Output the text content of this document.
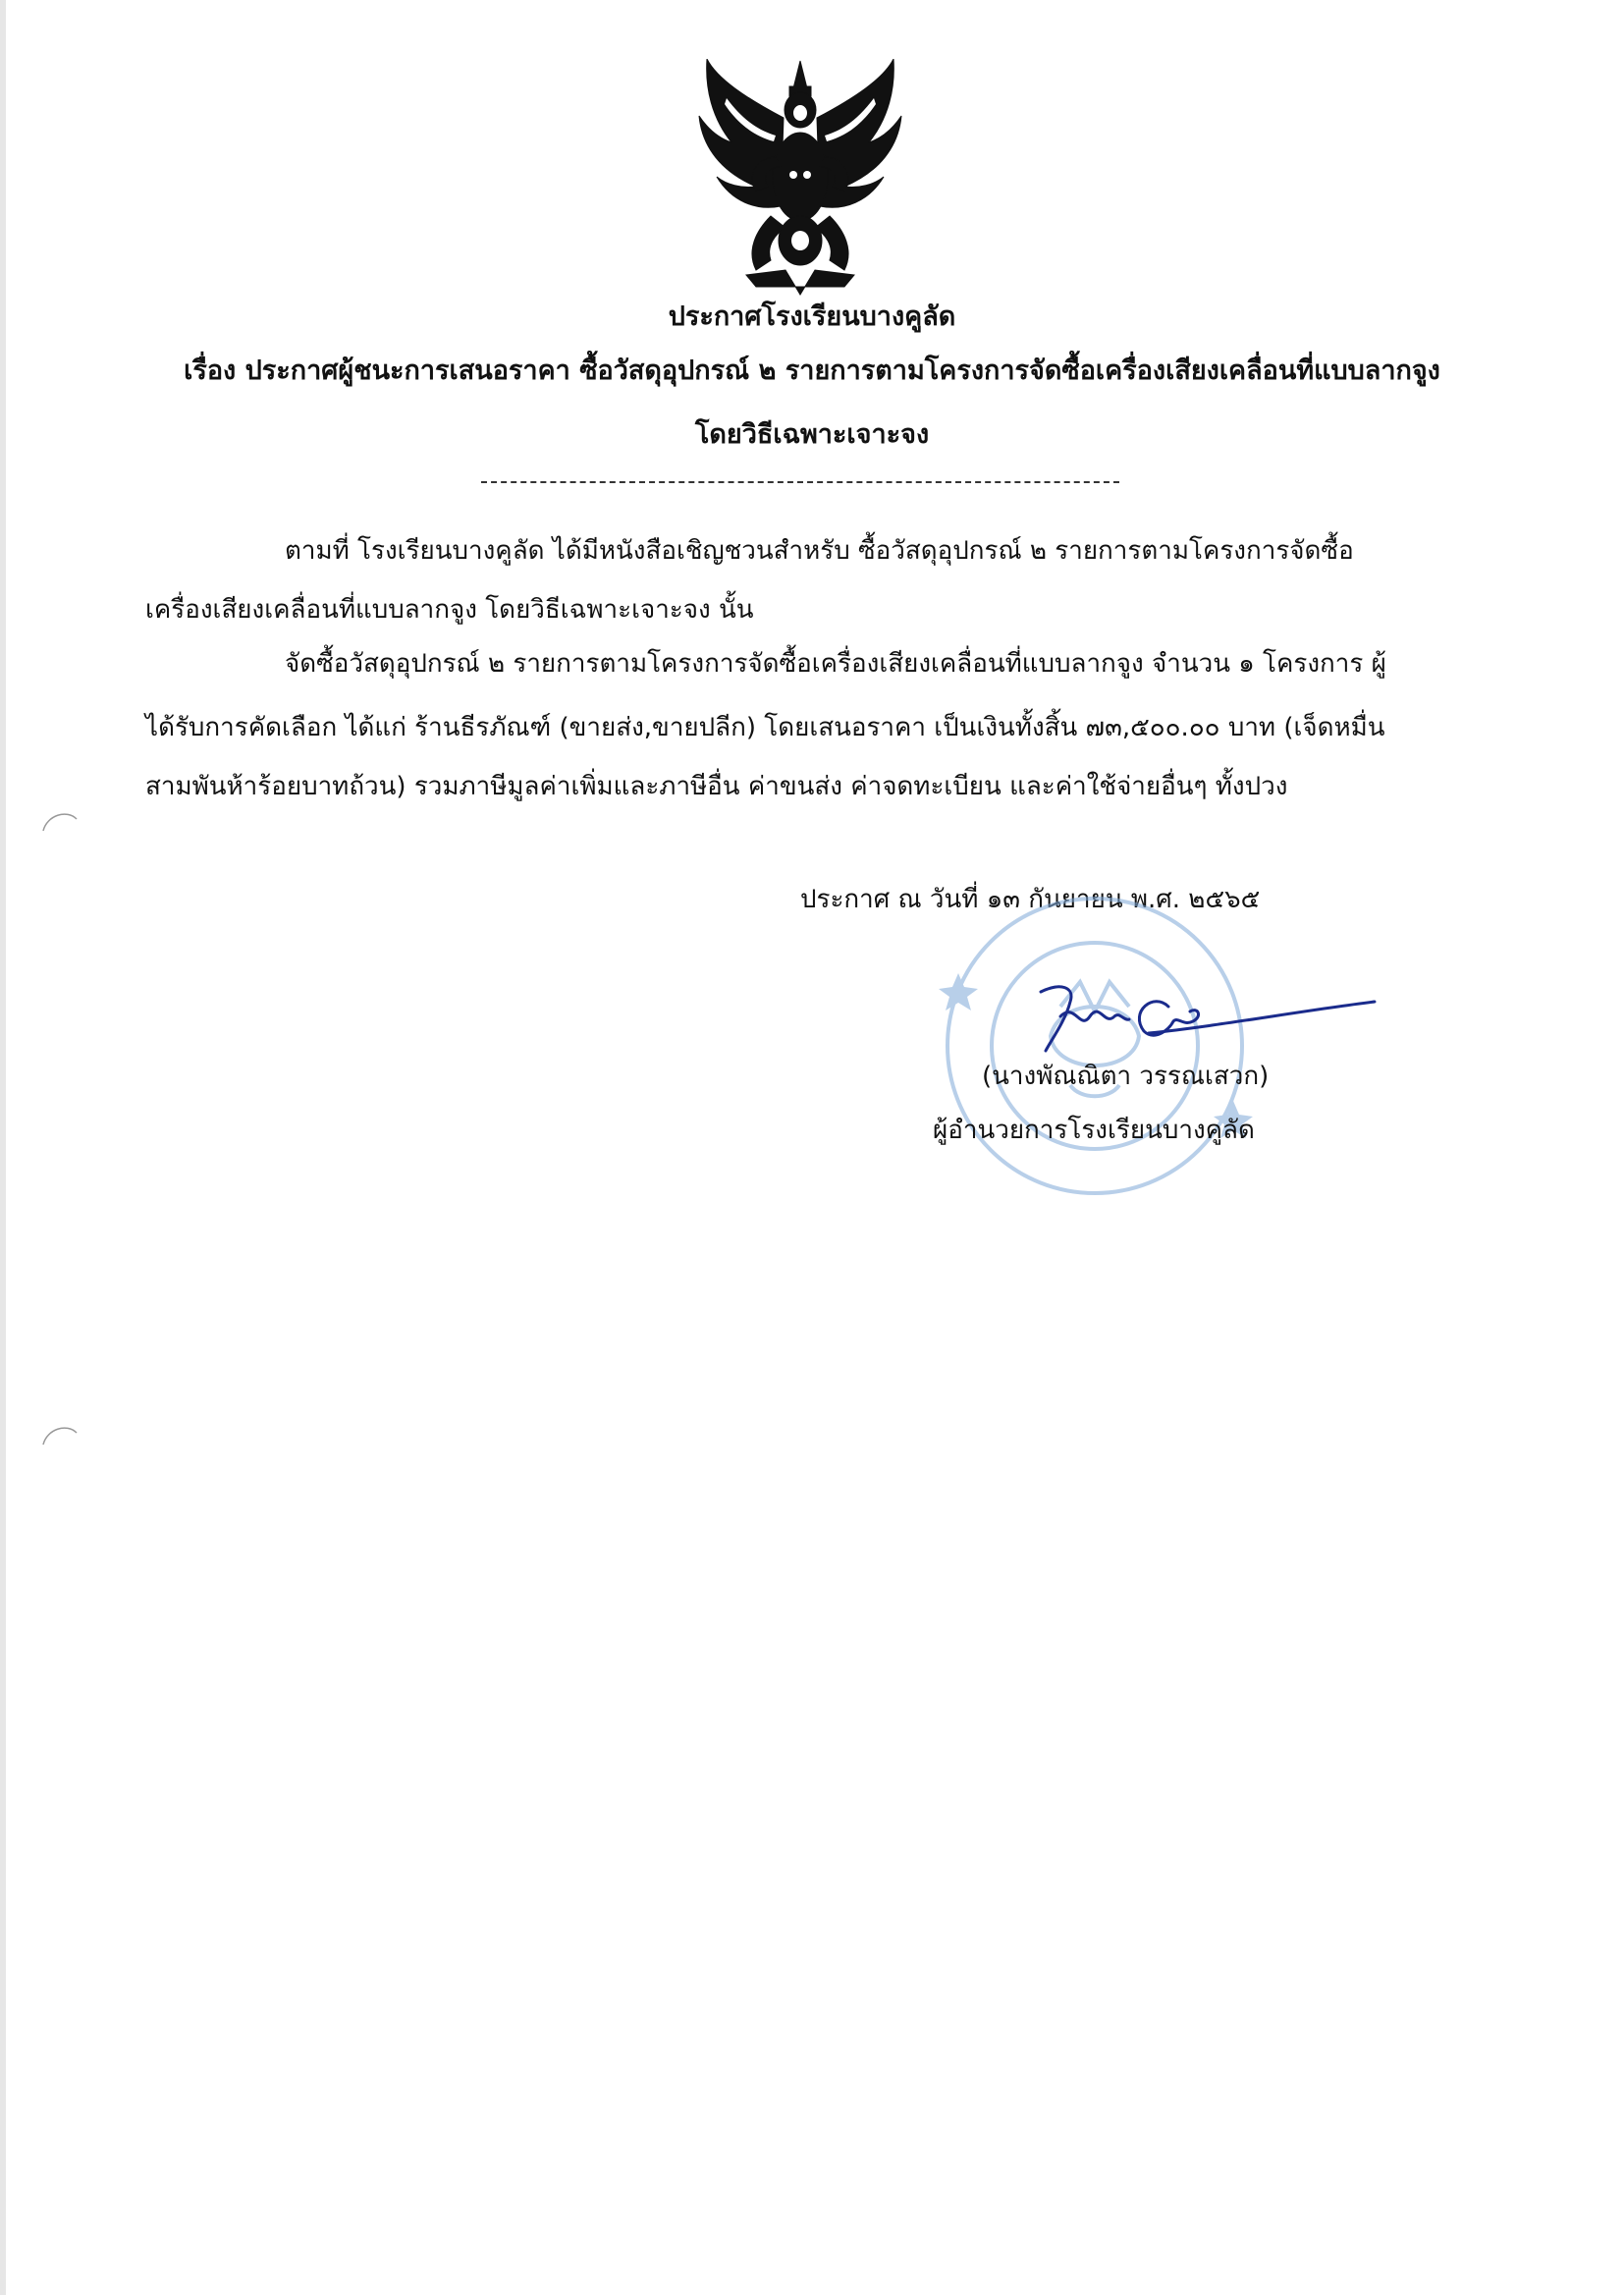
ประกาศโรงเรียนบางคูลัด
เรื่อง ประกาศผู้ชนะการเสนอราคา ซื้อวัสดุอุปกรณ์ ๒ รายการตามโครงการจัดซื้อเครื่องเสียงเคลื่อนที่แบบลากจูง
โดยวิธีเฉพาะเจาะจง
ตามที่ โรงเรียนบางคูลัด ได้มีหนังสือเชิญชวนสำหรับ ซื้อวัสดุอุปกรณ์ ๒ รายการตามโครงการจัดซื้อ
เครื่องเสียงเคลื่อนที่แบบลากจูง โดยวิธีเฉพาะเจาะจง นั้น
จัดซื้อวัสดุอุปกรณ์ ๒ รายการตามโครงการจัดซื้อเครื่องเสียงเคลื่อนที่แบบลากจูง จำนวน ๑ โครงการ ผู้
ได้รับการคัดเลือก ได้แก่ ร้านธีรภัณฑ์ (ขายส่ง,ขายปลีก) โดยเสนอราคา เป็นเงินทั้งสิ้น ๗๓,๕๐๐.๐๐ บาท (เจ็ดหมื่น
สามพันห้าร้อยบาทถ้วน) รวมภาษีมูลค่าเพิ่มและภาษีอื่น ค่าขนส่ง ค่าจดทะเบียน และค่าใช้จ่ายอื่นๆ ทั้งปวง
ประกาศ ณ วันที่ ๑๓ กันยายน พ.ศ. ๒๕๖๕
(นางพัณณิตา วรรณเสวก)
ผู้อำนวยการโรงเรียนบางคูลัด
